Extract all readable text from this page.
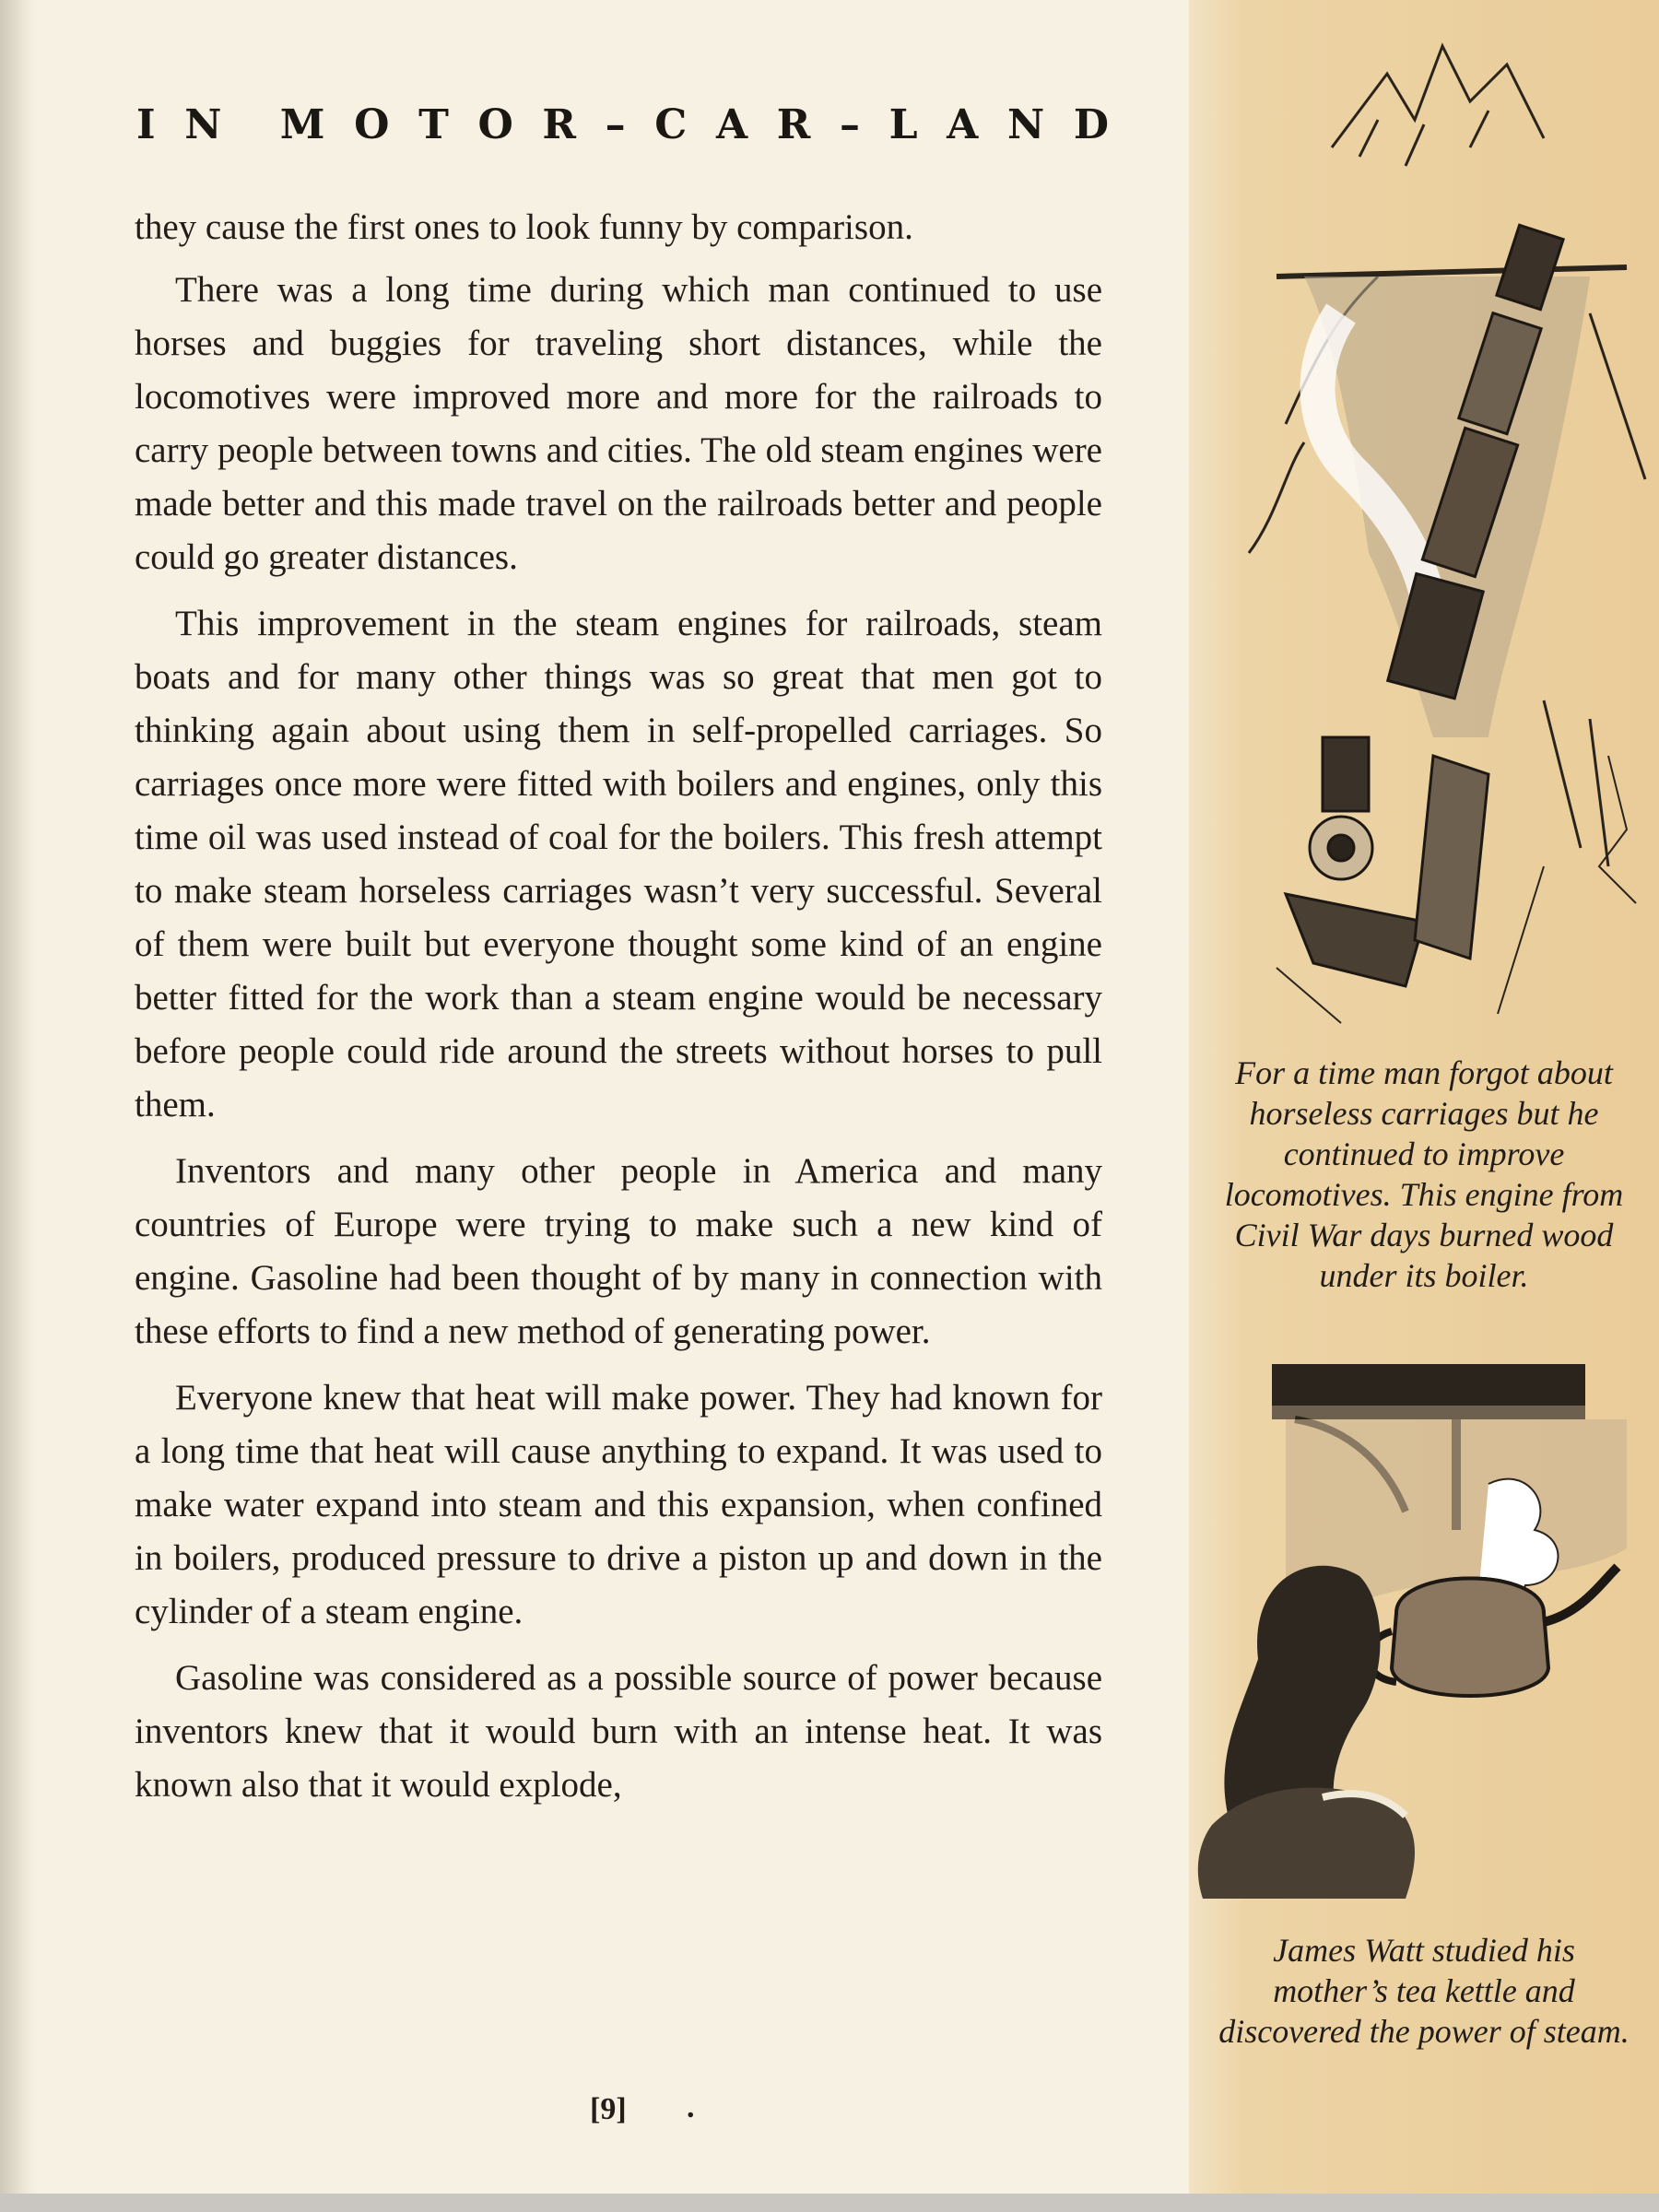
I N M O T O R – C A R – L A N D

they cause the first ones to look funny by comparison.

There was a long time during which man continued to use horses and buggies for traveling short distances, while the locomotives were improved more and more for the railroads to carry people between towns and cities. The old steam engines were made better and this made travel on the railroads better and people could go greater distances.

This improvement in the steam engines for railroads, steam boats and for many other things was so great that men got to thinking again about using them in self-propelled carriages. So carriages once more were fitted with boilers and engines, only this time oil was used instead of coal for the boilers. This fresh attempt to make steam horseless carriages wasn’t very successful. Several of them were built but everyone thought some kind of an engine better fitted for the work than a steam engine would be necessary before people could ride around the streets without horses to pull them.

Inventors and many other people in America and many countries of Europe were trying to make such a new kind of engine. Gasoline had been thought of by many in connection with these efforts to find a new method of generating power.

Everyone knew that heat will make power. They had known for a long time that heat will cause anything to expand. It was used to make water expand into steam and this expansion, when confined in boilers, produced pressure to drive a piston up and down in the cylinder of a steam engine.

Gasoline was considered as a possible source of power because inventors knew that it would burn with an intense heat. It was known also that it would explode,

[9] .
For a time man forgot about horseless carriages but he continued to improve locomotives. This engine from Civil War days burned wood under its boiler.
James Watt studied his mother’s tea kettle and discovered the power of steam.
